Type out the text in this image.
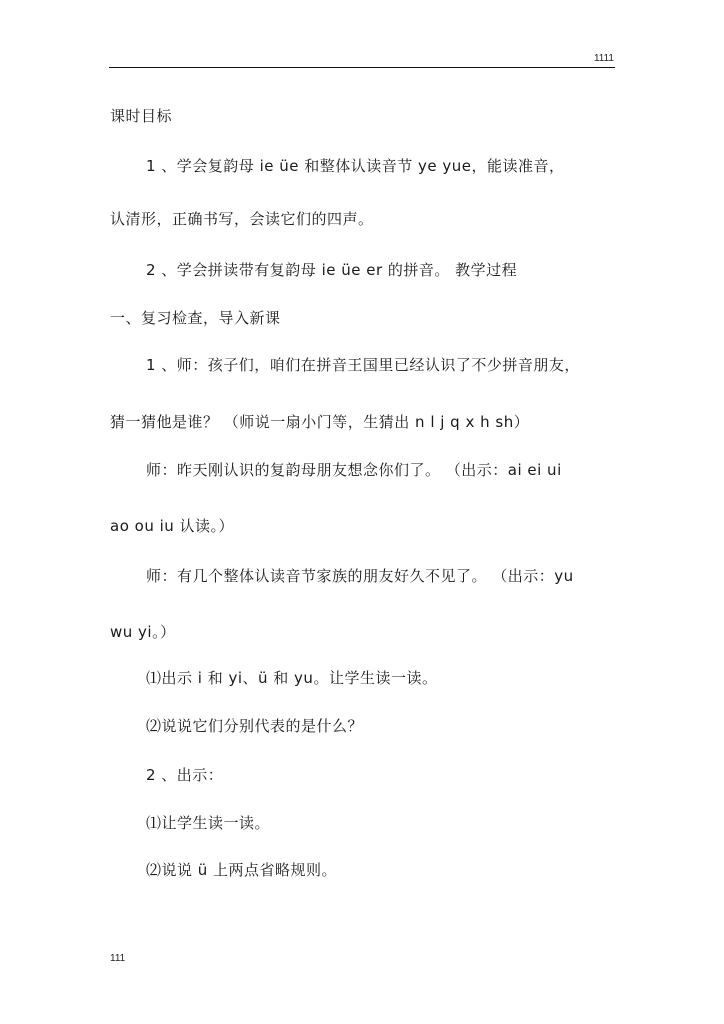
1111
课时目标
1 、学会复韵母 ie üe 和整体认读音节 ye yue，能读准音，
认清形，正确书写，会读它们的四声。
2 、学会拼读带有复韵母 ie üe er 的拼音。 教学过程
一、复习检查，导入新课
1 、师：孩子们，咱们在拼音王国里已经认识了不少拼音朋友，
猜一猜他是谁？ （师说一扇小门等，生猜出 n l j q x h sh）
师：昨天刚认识的复韵母朋友想念你们了。 （出示：ai ei ui
ao ou iu 认读。）
师：有几个整体认读音节家族的朋友好久不见了。 （出示：yu
wu yi。）
⑴出示 i 和 yi、ü 和 yu。让学生读一读。
⑵说说它们分别代表的是什么？
2 、出示：
⑴让学生读一读。
⑵说说 ü 上两点省略规则。
111
